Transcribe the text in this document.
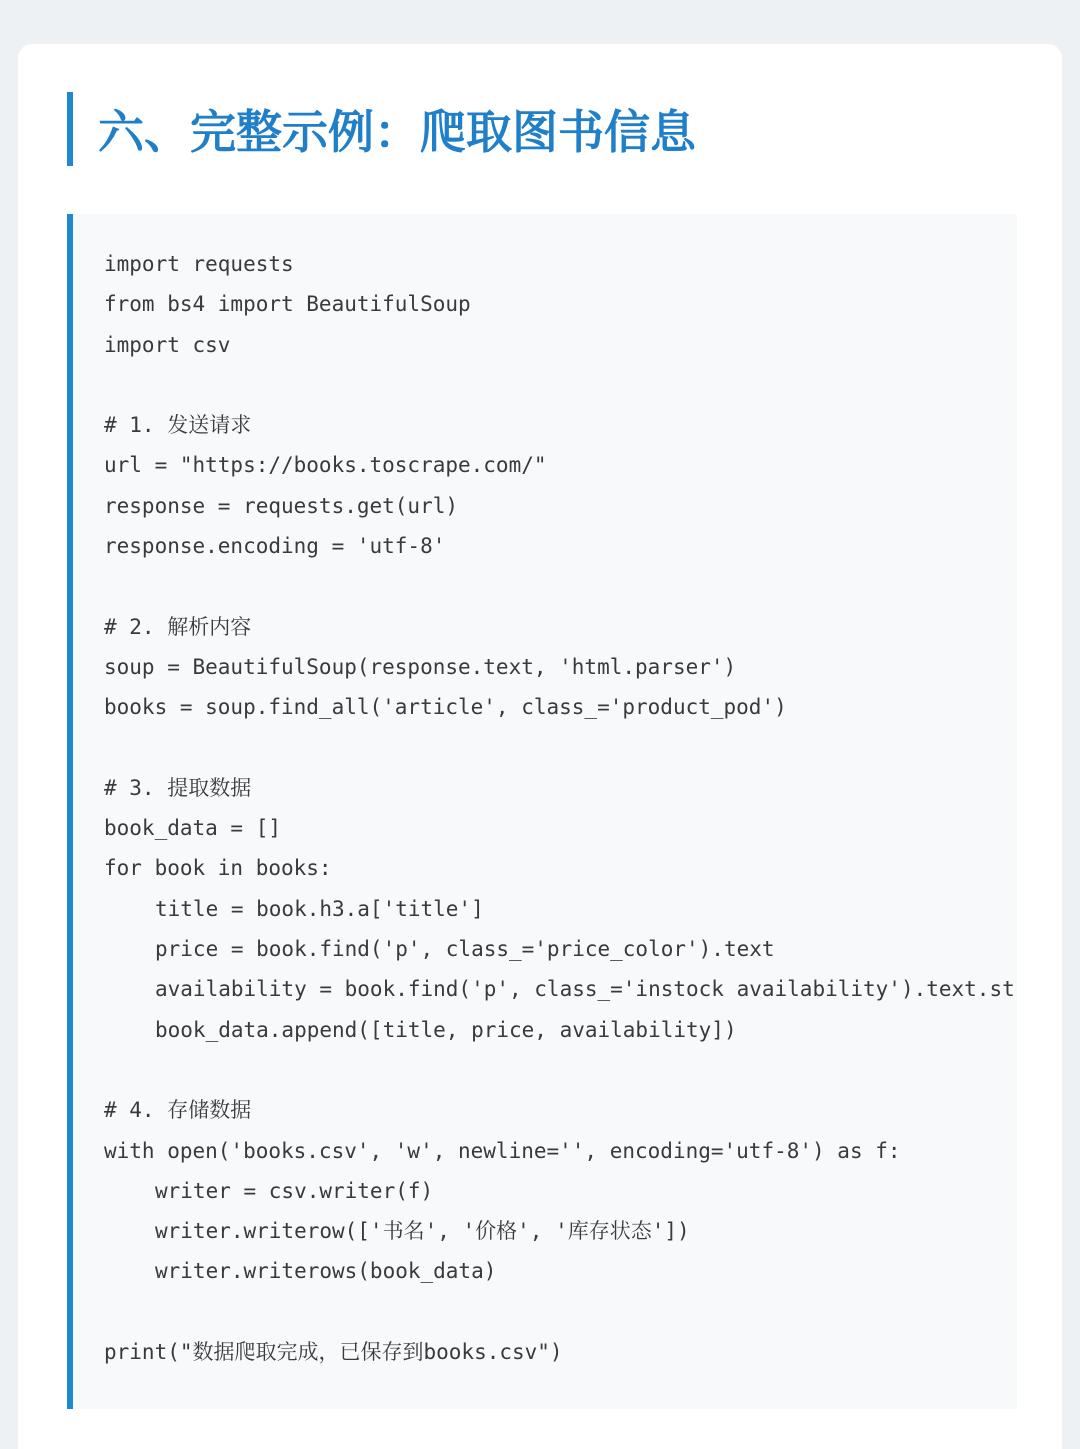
六、完整示例：爬取图书信息
import requests
from bs4 import BeautifulSoup
import csv
# 1. 发送请求
url = "https://books.toscrape.com/"
response = requests.get(url)
response.encoding = 'utf-8'
# 2. 解析内容
soup = BeautifulSoup(response.text, 'html.parser')
books = soup.find_all('article', class_='product_pod')
# 3. 提取数据
book_data = []
for book in books:
title = book.h3.a['title']
price = book.find('p', class_='price_color').text
availability = book.find('p', class_='instock availability').text.st
book_data.append([title, price, availability])
# 4. 存储数据
with open('books.csv', 'w', newline='', encoding='utf-8') as f:
writer = csv.writer(f)
writer.writerow(['书名', '价格', '库存状态'])
writer.writerows(book_data)
print("数据爬取完成，已保存到books.csv")
